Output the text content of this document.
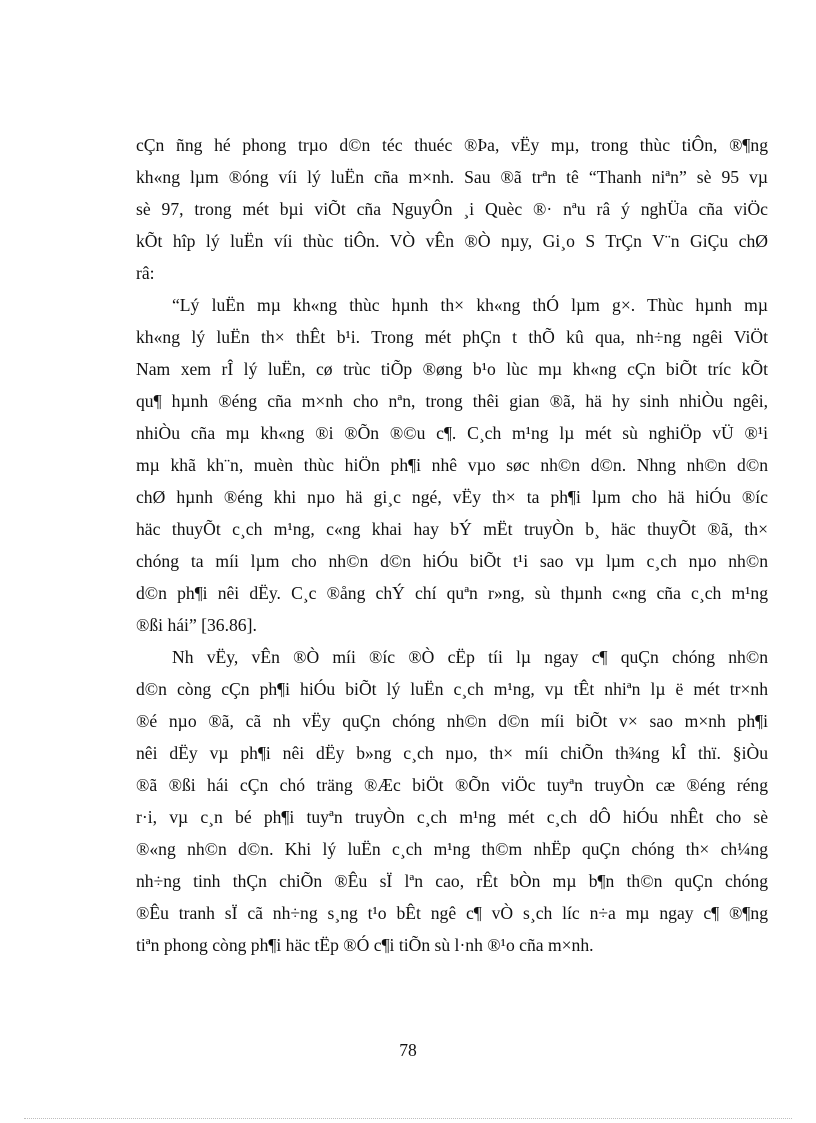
cÇn ñng hé phong trµo d©n téc thuéc ®Þa, vËy mµ, trong thùc tiÔn, ®¶ng
kh«ng lµm ®óng víi lý luËn cña m×nh. Sau ®ã trªn tê “Thanh niªn” sè 95 vµ
sè 97, trong mét bµi viÕt cña NguyÔn ¸i Quèc ®· nªu râ ý nghÜa cña viÖc
kÕt hîp lý luËn víi thùc tiÔn. VÒ vÊn ®Ò nµy, Gi¸o S TrÇn V¨n GiÇu chØ
râ:
“Lý luËn mµ kh«ng thùc hµnh th× kh«ng thÓ lµm g×. Thùc hµnh mµ
kh«ng lý luËn th× thÊt b¹i. Trong mét phÇn t thÕ kû qua, nh÷ng ngêi ViÖt
Nam xem rÎ lý luËn, cø trùc tiÕp ®øng b¹o lùc mµ kh«ng cÇn biÕt tríc kÕt
qu¶ hµnh ®éng cña m×nh cho nªn, trong thêi gian ®ã, hä hy sinh nhiÒu ngêi,
nhiÒu cña mµ kh«ng ®i ®Õn ®©u c¶. C¸ch m¹ng lµ mét sù nghiÖp vÜ ®¹i
mµ khã kh¨n, muèn thùc hiÖn ph¶i nhê vµo søc nh©n d©n. Nhng nh©n d©n
chØ hµnh ®éng khi nµo hä gi¸c ngé, vËy th× ta ph¶i lµm cho hä hiÓu ®íc
häc thuyÕt c¸ch m¹ng, c«ng khai hay bÝ mËt truyÒn b¸ häc thuyÕt ®ã, th×
chóng ta míi lµm cho nh©n d©n hiÓu biÕt t¹i sao vµ lµm c¸ch nµo nh©n
d©n ph¶i nêi dËy. C¸c ®ång chÝ chí quªn r»ng, sù thµnh c«ng cña c¸ch m¹ng
®ßi hái” [36.86].
Nh vËy, vÊn ®Ò míi ®íc ®Ò cËp tíi lµ ngay c¶ quÇn chóng nh©n
d©n còng cÇn ph¶i hiÓu biÕt lý luËn c¸ch m¹ng, vµ tÊt nhiªn lµ ë mét tr×nh
®é nµo ®ã, cã nh vËy quÇn chóng nh©n d©n míi biÕt v× sao m×nh ph¶i
nêi dËy vµ ph¶i nêi dËy b»ng c¸ch nµo, th× míi chiÕn th¾ng kÎ thï. §iÒu
®ã ®ßi hái cÇn chó träng ®Æc biÖt ®Õn viÖc tuyªn truyÒn cæ ®éng réng
r·i, vµ c¸n bé ph¶i tuyªn truyÒn c¸ch m¹ng mét c¸ch dÔ hiÓu nhÊt cho sè
®«ng nh©n d©n. Khi lý luËn c¸ch m¹ng th©m nhËp quÇn chóng th× ch¼ng
nh÷ng tinh thÇn chiÕn ®Êu sÏ lªn cao, rÊt bÒn mµ b¶n th©n quÇn chóng
®Êu tranh sÏ cã nh÷ng s¸ng t¹o bÊt ngê c¶ vÒ s¸ch líc n÷a mµ ngay c¶ ®¶ng
tiªn phong còng ph¶i häc tËp ®Ó c¶i tiÕn sù l·nh ®¹o cña m×nh.
78
